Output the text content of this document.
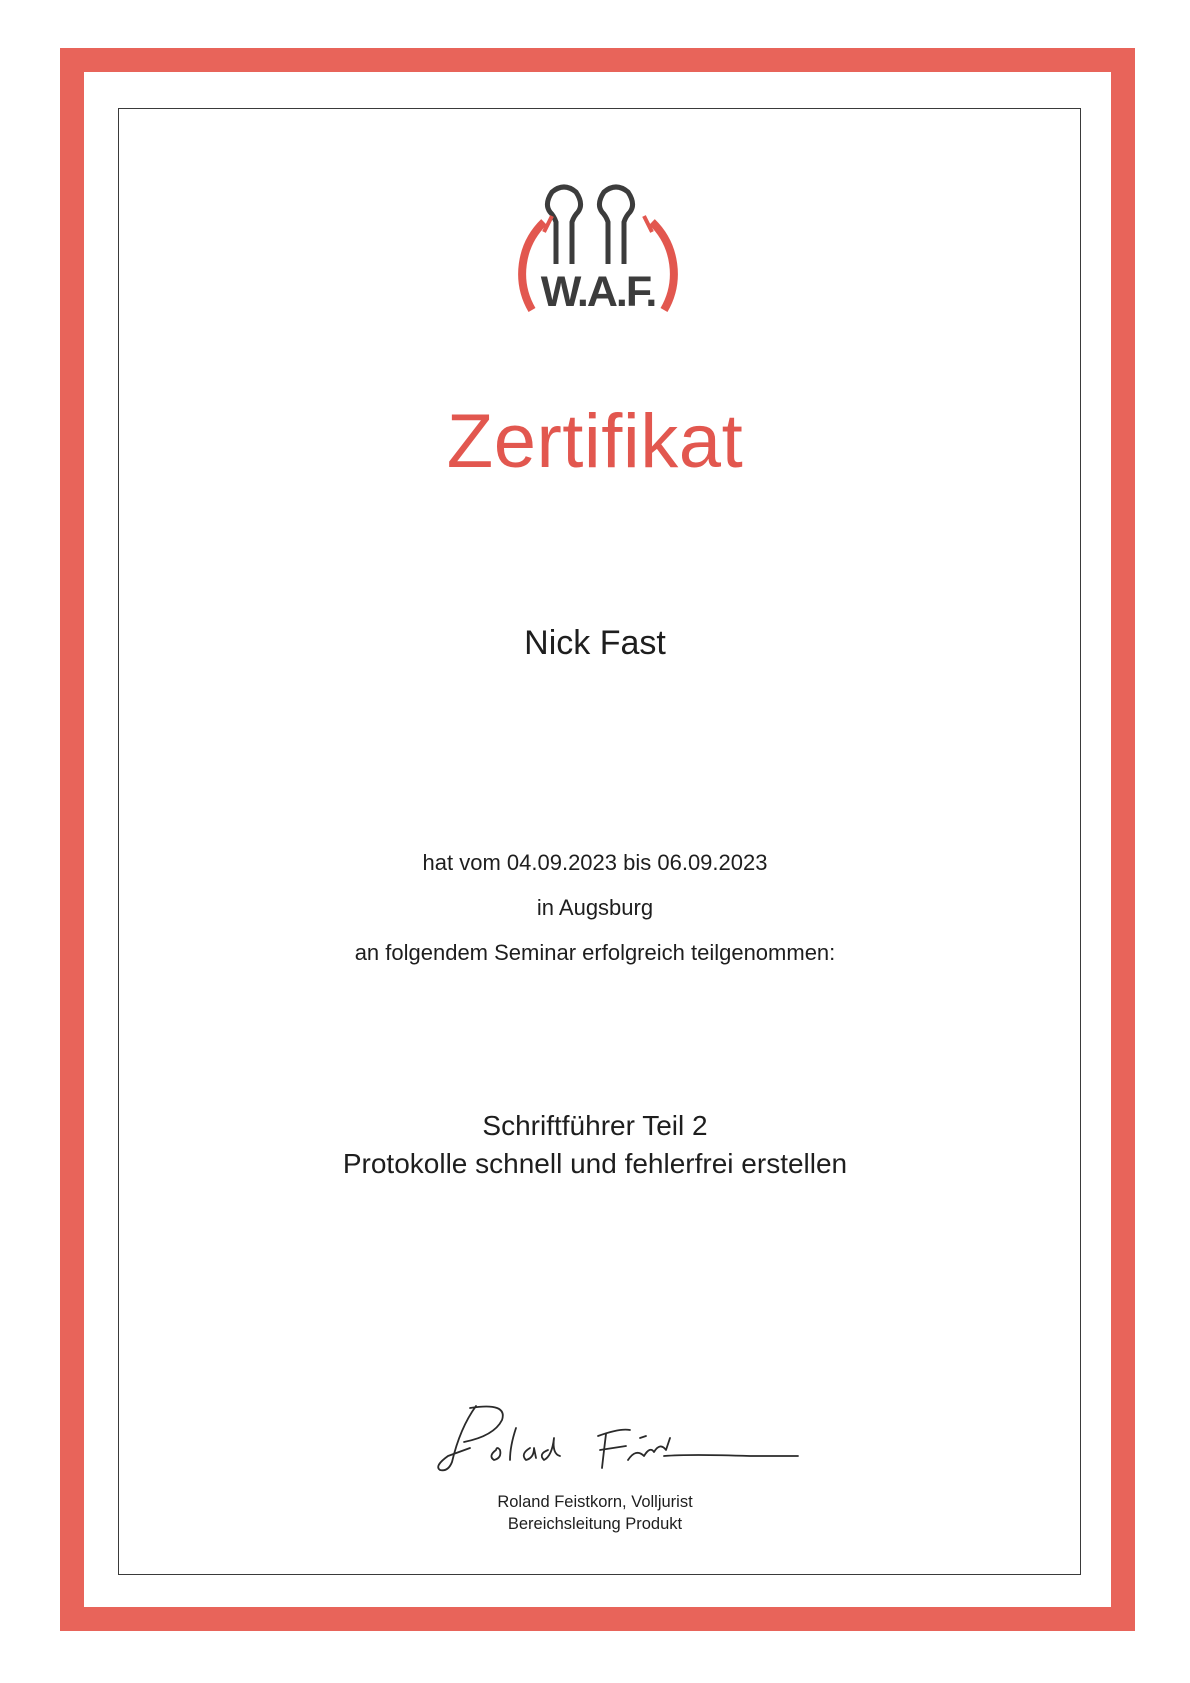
W.A.F.
Zertifikat
Nick Fast
hat vom 04.09.2023 bis 06.09.2023
in Augsburg
an folgendem Seminar erfolgreich teilgenommen:
Schriftführer Teil 2
Protokolle schnell und fehlerfrei erstellen
Roland Feistkorn, Volljurist
Bereichsleitung Produkt
